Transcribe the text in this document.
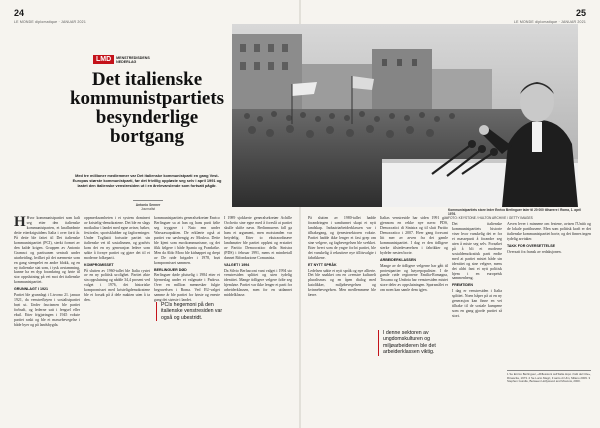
24
LE MONDE diplomatique · JANUAR 2021
25
LE MONDE diplomatique · JANUAR 2021
LMD	MENSTREDISDENS
NEDERLAG
Det italienske kommunistpartiets besynderlige bortgang
Med tre millioner medlemmer var Det italienske kommunistparti en gang Vest-Europas største kommunistparti, før det frivillig oppløste seg selv i april 1991 og lastet den italienske venstresiden ut i en årelevarslende som fortsatt pågår.
Antonio Senner
Journalist	Kommunistpartiets store leder Enrico Berlinguer taler til 20 000 tilhørere i Roma, 1. april 1976.
FOTO: KEYSTONE / HULTON ARCHIVE / GETTY IMAGES
H Hvor kommunistpartiet som kalt seg etter den italienske kommunistparten, et knallrødmte dette etterkrigstidens Italia i over førti år. På dette ble fattet til Det italienske kommunistpartiet (PCI), sterkt formet av den kalde krigen. Gruppen av Antonio Gramsci og partisanen sentralt under utarbeiding, hvilket på det nærmeste som en gang stempelet en andre blokk, og en ny italienske stat som, i tysk avstamming, kunne ha en dyp forankring og førte til stor oppslutning på vei mot det italienske kommunistpartiet.
GRUNNLAGT I 1921
Partiet ble grunnlagt i Livorno 21. januar 1921, da venstrefløyen i sosialistpartiet brøt ut. Under fascismen ble partiet forbudt, og lederne satt i fengsel eller eksil. Etter frigjøringen i 1945 vokste partiet raskt og ble et massebevegelse i både byer og på landsbygda.
oppmerksomheten i et system dominert av kristelig-demokratene. Det ble en slags motkultur i landet med egne aviser, bøker, festivaler, sportsklubber og fagforeninger. Under Togliatti fortsatte partiet sin italienske vei til sosialismen, og gradvis kom det en ny generasjon ledere som søkte å fornye partiet og gjøre det til et moderne folkeparti.
KOMPROMISSET
På slutten av 1960-tallet ble Italia rystet av en ny politisk urolighet. Partiet økte sin oppslutning og nådde 34,4 prosent ved valget i 1976, det historiske kompromisset med kristeligdemokratene ble et forsøk på å dele makten uten å ta den.
kommunistpartiets generalsekretær Enrico Berlinguer sa at han og hans parti følte seg tryggere i Nato enn under Warszawapakten. De erklærte også at partiet var uavhengig av Moskva. Dette ble kjent som eurokommunisme, og det fikk følgere i både Spania og Frankrike. Men da Aldo Moro ble kidnappet og drept av De røde brigader i 1978, brøt kompromisset sammen.
BERLINGUER DØD
Berlinguer døde plutselig i 1984 etter et hjerneslag under et valgmøte i Padova. Over en million mennesker fulgte begravelsen i Roma. Ved EU-valget samme år ble partiet for første og eneste gang det største i landet.
I 1989 sjokkerte generalsekretær Achille Occhetto sine egne med å foreslå at partiet skulle skifte navn. Berlinmurens fall ga ham et argument, men motstanden var betydelig. Etter to ekstraordinære landsmøter ble partiet oppløst og erstattet av Partito Democratico della Sinistra (PDS) i februar 1991, mens et mindretall dannet Rifondazione Comunista.
VALGET I 1994
Da Silvio Berlusconi vant valget i 1994 sto venstresiden splittet og uten tydelig identitet. Mange tidligere velgere følte seg hjemløse. Partiet var ikke lenger et parti for arbeiderklassen, men for en utdannet middelklasse.
PCIs hegemoni på den italienske venstresiden var også og ubestridt.
På slutten av 1980-tallet hadde forandringen i samfunnet skapt et nytt landskap. Industriarbeiderklassen var i tilbakegang, og tjenestesektoren vokste. Partiet hadde ikke lenger et fast grep om sine velgere, og fagbevegelsen ble svekket. Etter hvert som de yngre forlot partiet, ble det vanskelig å rekruttere nye tillitsvalgte i fabrikkene.
ET NYTT SPRÅK
Ledelsen søkte et nytt språk og nye allierte. Det ble snakket om en «venstre kulturelt pluralisme» og en åpen dialog med katolikker, miljøbevegelsen og kvinnebevegelsen. Men medlemmene ble færre.
Italias venstreside har siden 1991 gått gjennom en rekke nye navn: PDS, Democratici di Sinistra og til slutt Partito Democratico i 2007. Hver gang forsvant litt mer av arven fra det gamle kommunistpartiet. I dag er den tidligere sterke tilstedeværelsen i fabrikker og bydeler nesten borte.
ARBEIDERKLASSEN
Mange av de tidligere velgerne har gått til protestpartier og høyrepopulister. I de gamle røde regionene Emilia-Romagna, Toscana og Umbria har venstresiden mistet store deler av oppslutningen. Spørsmålet er om noen kan samle dem igjen.
Det italienske kommunistpartiets historie viser hvor vanskelig det er for et masseparti å forandre seg uten å miste seg selv. Forsøket på å bli et moderne sosialdemokratisk parti endte med at partiet mistet både sin identitet og sine velgere, mens det aldri fant et nytt politisk hjem i en europeisk sammenheng.
FREMTIDEN
I dag er venstresiden i Italia splittet. Noen håper på at en ny generasjon kan finne en vei tilbake til de sosiale kampene som en gang gjorde partiet så stort.
Arven lever i minnene om festene, avisen l'Unità og de lokale partihusene. Men som politisk kraft er det italienske kommunistpartiet borte, og det finnes ingen tydelig arvtaker.
TAKK FOR OVERSETTELSE
Oversatt fra fransk av redaksjonen.
I denne sektoren av ungdomskulturen og miljøarbeideren ble det arbeiderklassen viktig.
1 Se Enrico Berlinguer, «Riflessioni sull'Italia dopo i fatti del Cile», Rinascita, 1973. 2 Se Lucio Magri, Il sarto di Ulm, Milano 2009. 3 Stephen Gundle, Between Hollywood and Moscow, 2000.
